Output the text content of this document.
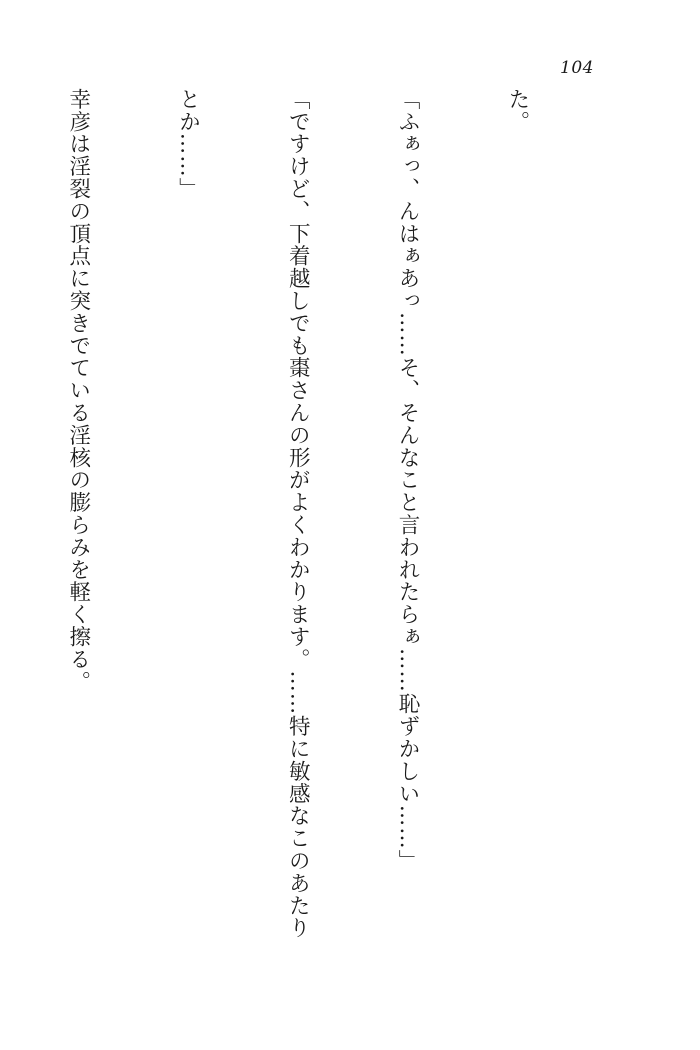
104

た。

「ふぁっ、んはぁあっ……そ、そんなこと言われたらぁ……恥ずかしい……」

「ですけど、下着越しでも棗さんの形がよくわかります。……特に敏感なこのあたり

とか……」

幸彦は淫裂の頂点に突きでている淫核の膨らみを軽く擦る。
